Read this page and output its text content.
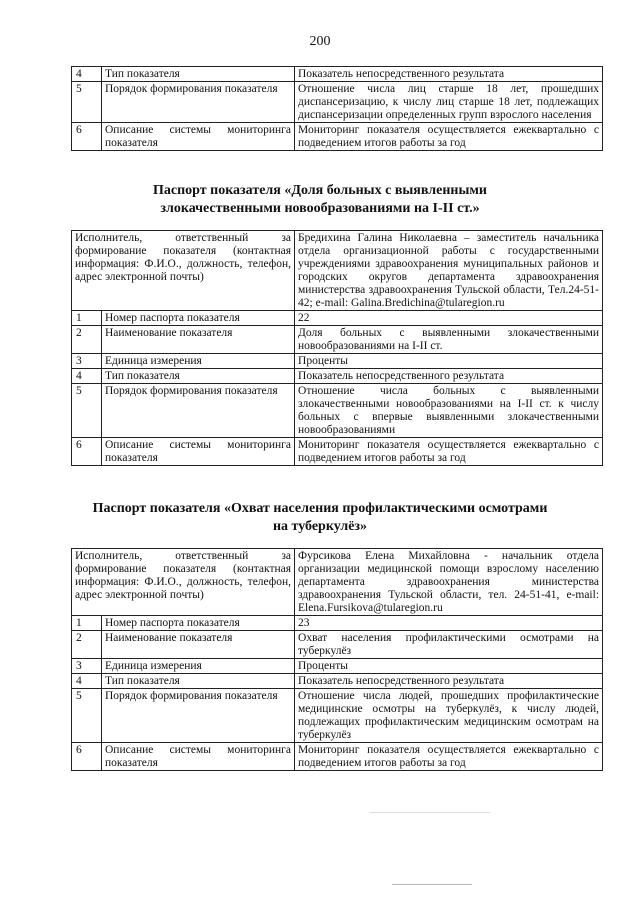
200
4	Тип показателя	Показатель непосредственного результата
5	Порядок формирования показателя	Отношение числа лиц старше 18 лет, прошедших диспансеризацию, к числу лиц старше 18 лет, подлежащих диспансеризации определенных групп взрослого населения
6	Описание системы мониторинга показателя	Мониторинг показателя осуществляется ежеквартально с подведением итогов работы за год
Паспорт показателя «Доля больных с выявленными
злокачественными новообразованиями на I-II ст.»
Исполнитель, ответственный за формирование показателя (контактная информация: Ф.И.О., должность, телефон, адрес электронной почты)		Бредихина Галина Николаевна – заместитель начальника отдела организационной работы с государственными учреждениями здравоохранения муниципальных районов и городских округов департамента здравоохранения министерства здравоохранения Тульской области, Тел.24-51-42; e-mail: Galina.Bredichina@tularegion.ru
1	Номер паспорта показателя	22
2	Наименование показателя	Доля больных с выявленными злокачественными новообразованиями на I-II ст.
3	Единица измерения	Проценты
4	Тип показателя	Показатель непосредственного результата
5	Порядок формирования показателя	Отношение числа больных с выявленными злокачественными новообразованиями на I-II ст. к числу больных с впервые выявленными злокачественными новообразованиями
6	Описание системы мониторинга показателя	Мониторинг показателя осуществляется ежеквартально с подведением итогов работы за год
Паспорт показателя «Охват населения профилактическими осмотрами
на туберкулёз»
Исполнитель, ответственный за формирование показателя (контактная информация: Ф.И.О., должность, телефон, адрес электронной почты)		Фурсикова Елена Михайловна - начальник отдела организации медицинской помощи взрослому населению департамента здравоохранения министерства здравоохранения Тульской области, тел. 24-51-41, e-mail: Elena.Fursikova@tularegion.ru
1	Номер паспорта показателя	23
2	Наименование показателя	Охват населения профилактическими осмотрами на туберкулёз
3	Единица измерения	Проценты
4	Тип показателя	Показатель непосредственного результата
5	Порядок формирования показателя	Отношение числа людей, прошедших профилактические медицинские осмотры на туберкулёз, к числу людей, подлежащих профилактическим медицинским осмотрам на туберкулёз
6	Описание системы мониторинга показателя	Мониторинг показателя осуществляется ежеквартально с подведением итогов работы за год
